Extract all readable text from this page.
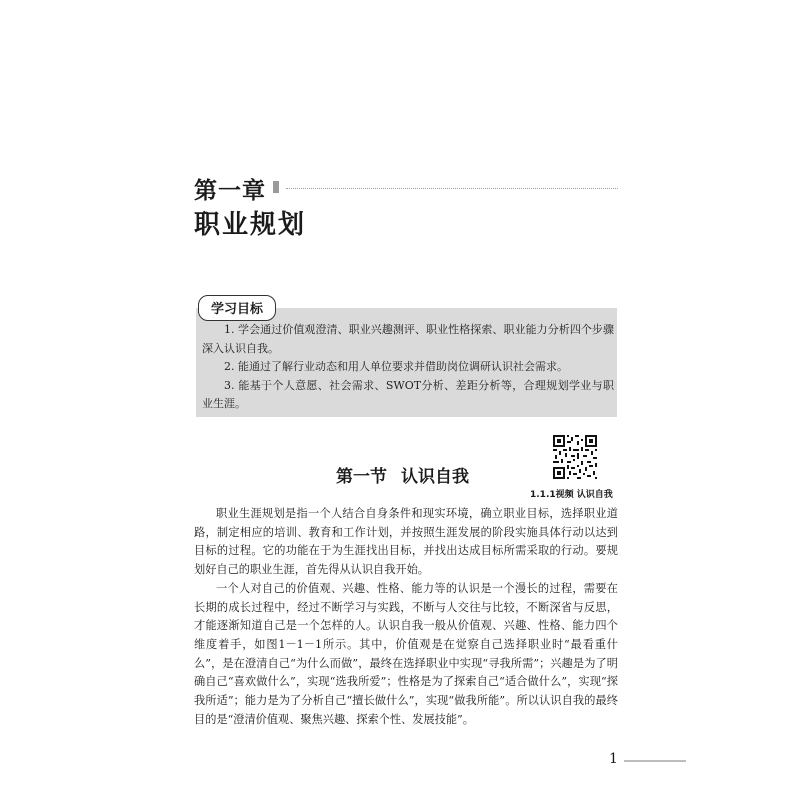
第一章
职业规划
学习目标

1. 学会通过价值观澄清、职业兴趣测评、职业性格探索、职业能力分析四个步骤深入认识自我。

2. 能通过了解行业动态和用人单位要求并借助岗位调研认识社会需求。

3. 能基于个人意愿、社会需求、SWOT分析、差距分析等，合理规划学业与职业生涯。

1.1.1视频 认识自我
第一节 认识自我

职业生涯规划是指一个人结合自身条件和现实环境，确立职业目标，选择职业道路，制定相应的培训、教育和工作计划，并按照生涯发展的阶段实施具体行动以达到目标的过程。它的功能在于为生涯找出目标，并找出达成目标所需采取的行动。要规划好自己的职业生涯，首先得从认识自我开始。

一个人对自己的价值观、兴趣、性格、能力等的认识是一个漫长的过程，需要在长期的成长过程中，经过不断学习与实践，不断与人交往与比较，不断深省与反思，才能逐渐知道自己是一个怎样的人。认识自我一般从价值观、兴趣、性格、能力四个维度着手，如图1－1－1所示。其中，价值观是在觉察自己选择职业时“最看重什么”，是在澄清自己“为什么而做”，最终在选择职业中实现“寻我所需”；兴趣是为了明确自己“喜欢做什么”，实现“选我所爱”；性格是为了探索自己“适合做什么”，实现“探我所适”；能力是为了分析自己“擅长做什么”，实现“做我所能”。所以认识自我的最终目的是“澄清价值观、聚焦兴趣、探索个性、发展技能”。

1
